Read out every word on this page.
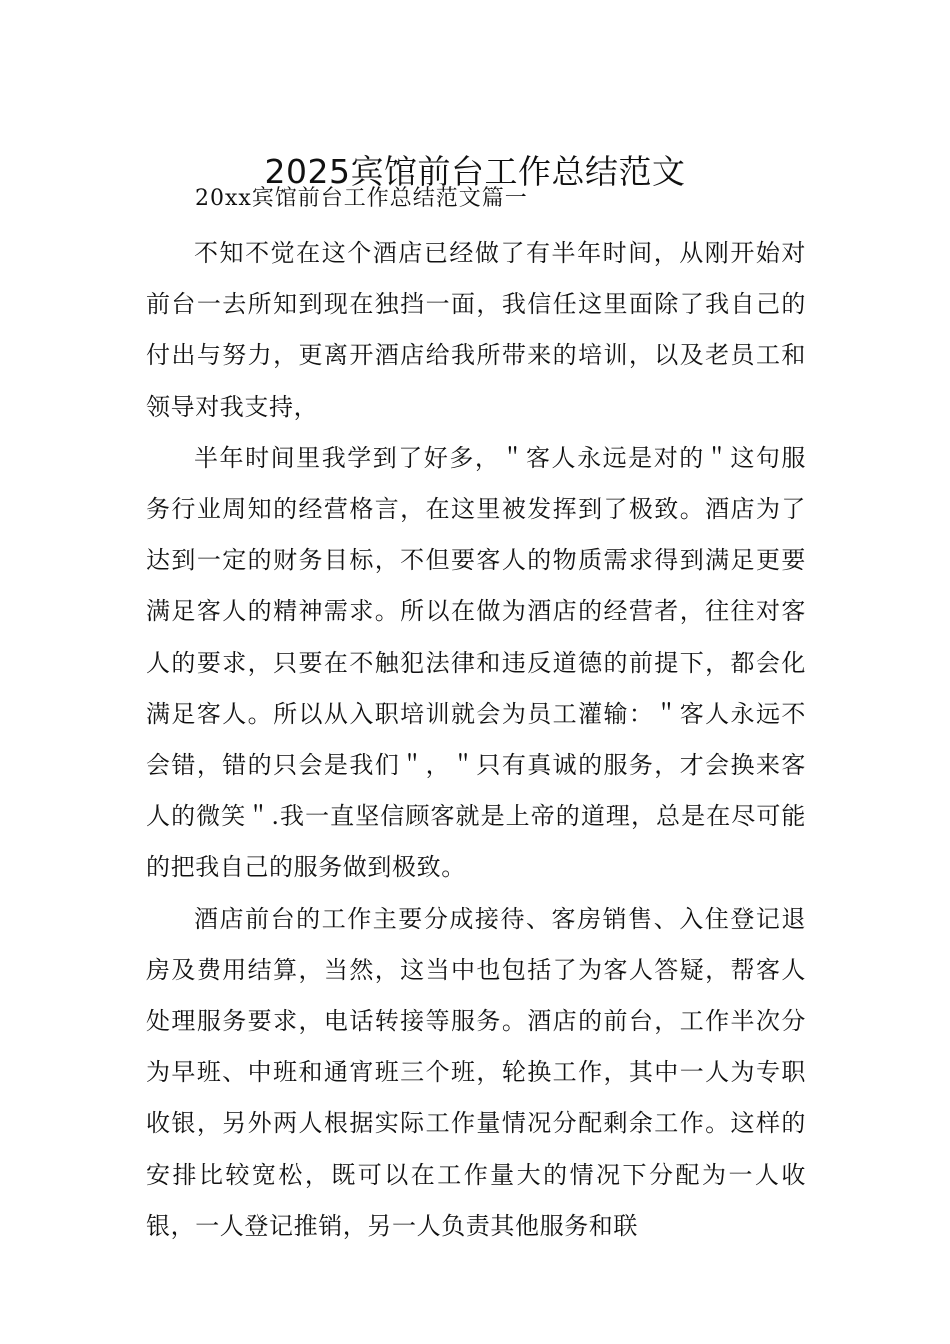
2025宾馆前台工作总结范文
20xx宾馆前台工作总结范文篇一

不知不觉在这个酒店已经做了有半年时间，从刚开始对前台一去所知到现在独挡一面，我信任这里面除了我自己的付出与努力，更离开酒店给我所带来的培训，以及老员工和领导对我支持，

半年时间里我学到了好多，＂客人永远是对的＂这句服务行业周知的经营格言，在这里被发挥到了极致。酒店为了达到一定的财务目标，不但要客人的物质需求得到满足更要满足客人的精神需求。所以在做为酒店的经营者，往往对客人的要求，只要在不触犯法律和违反道德的前提下，都会化满足客人。所以从入职培训就会为员工灌输：＂客人永远不会错，错的只会是我们＂，＂只有真诚的服务，才会换来客人的微笑＂.我一直坚信顾客就是上帝的道理，总是在尽可能的把我自己的服务做到极致。

酒店前台的工作主要分成接待、客房销售、入住登记退房及费用结算，当然，这当中也包括了为客人答疑，帮客人处理服务要求，电话转接等服务。酒店的前台，工作半次分为早班、中班和通宵班三个班，轮换工作，其中一人为专职收银，另外两人根据实际工作量情况分配剩余工作。这样的安排比较宽松，既可以在工作量大的情况下分配为一人收银，一人登记推销，另一人负责其他服务和联
